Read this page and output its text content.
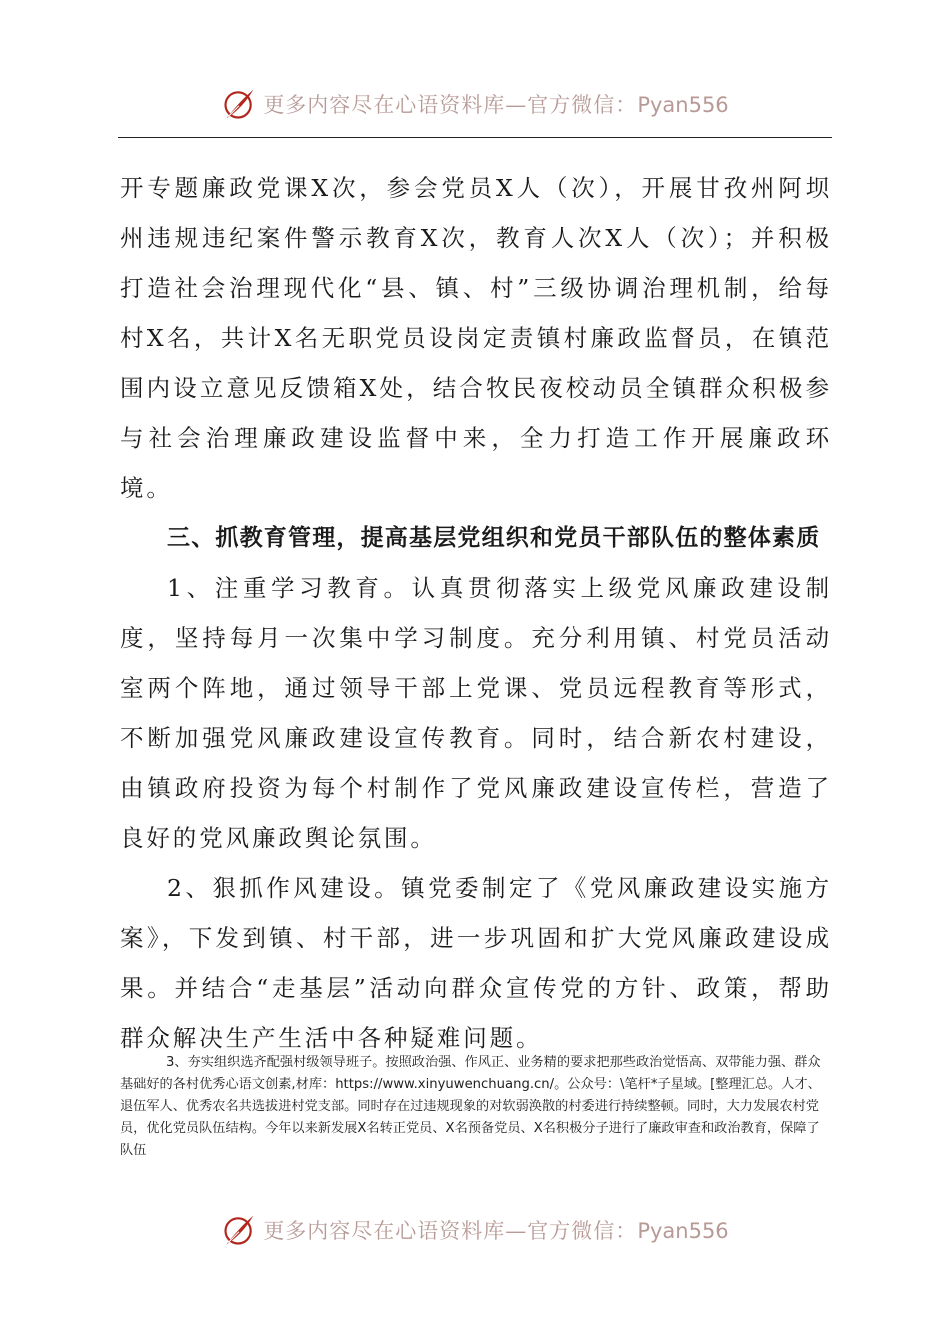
更多内容尽在心语资料库—官方微信：Pyan556

开专题廉政党课X次，参会党员X人（次），开展甘孜州阿坝州违规违纪案件警示教育X次，教育人次X人（次）；并积极打造社会治理现代化“县、镇、村”三级协调治理机制，给每村X名，共计X名无职党员设岗定责镇村廉政监督员，在镇范围内设立意见反馈箱X处，结合牧民夜校动员全镇群众积极参与社会治理廉政建设监督中来，全力打造工作开展廉政环境。

三、抓教育管理，提高基层党组织和党员干部队伍的整体素质

1、注重学习教育。认真贯彻落实上级党风廉政建设制度，坚持每月一次集中学习制度。充分利用镇、村党员活动室两个阵地，通过领导干部上党课、党员远程教育等形式，不断加强党风廉政建设宣传教育。同时，结合新农村建设，由镇政府投资为每个村制作了党风廉政建设宣传栏，营造了良好的党风廉政舆论氛围。

2、狠抓作风建设。镇党委制定了《党风廉政建设实施方案》，下发到镇、村干部，进一步巩固和扩大党风廉政建设成果。并结合“走基层”活动向群众宣传党的方针、政策，帮助群众解决生产生活中各种疑难问题。

3、夯实组织选齐配强村级领导班子。按照政治强、作风正、业务精的要求把那些政治觉悟高、双带能力强、群众基础好的各村优秀心语文创素,材库：https://www.xinyuwenchuang.cn/。公众号：\笔杆*子星域。[整理汇总。人才、退伍军人、优秀农名共选拔进村党支部。同时存在过违规现象的对软弱涣散的村委进行持续整顿。同时，大力发展农村党员，优化党员队伍结构。今年以来新发展X名转正党员、X名预备党员、X名积极分子进行了廉政审查和政治教育，保障了队伍

更多内容尽在心语资料库—官方微信：Pyan556
